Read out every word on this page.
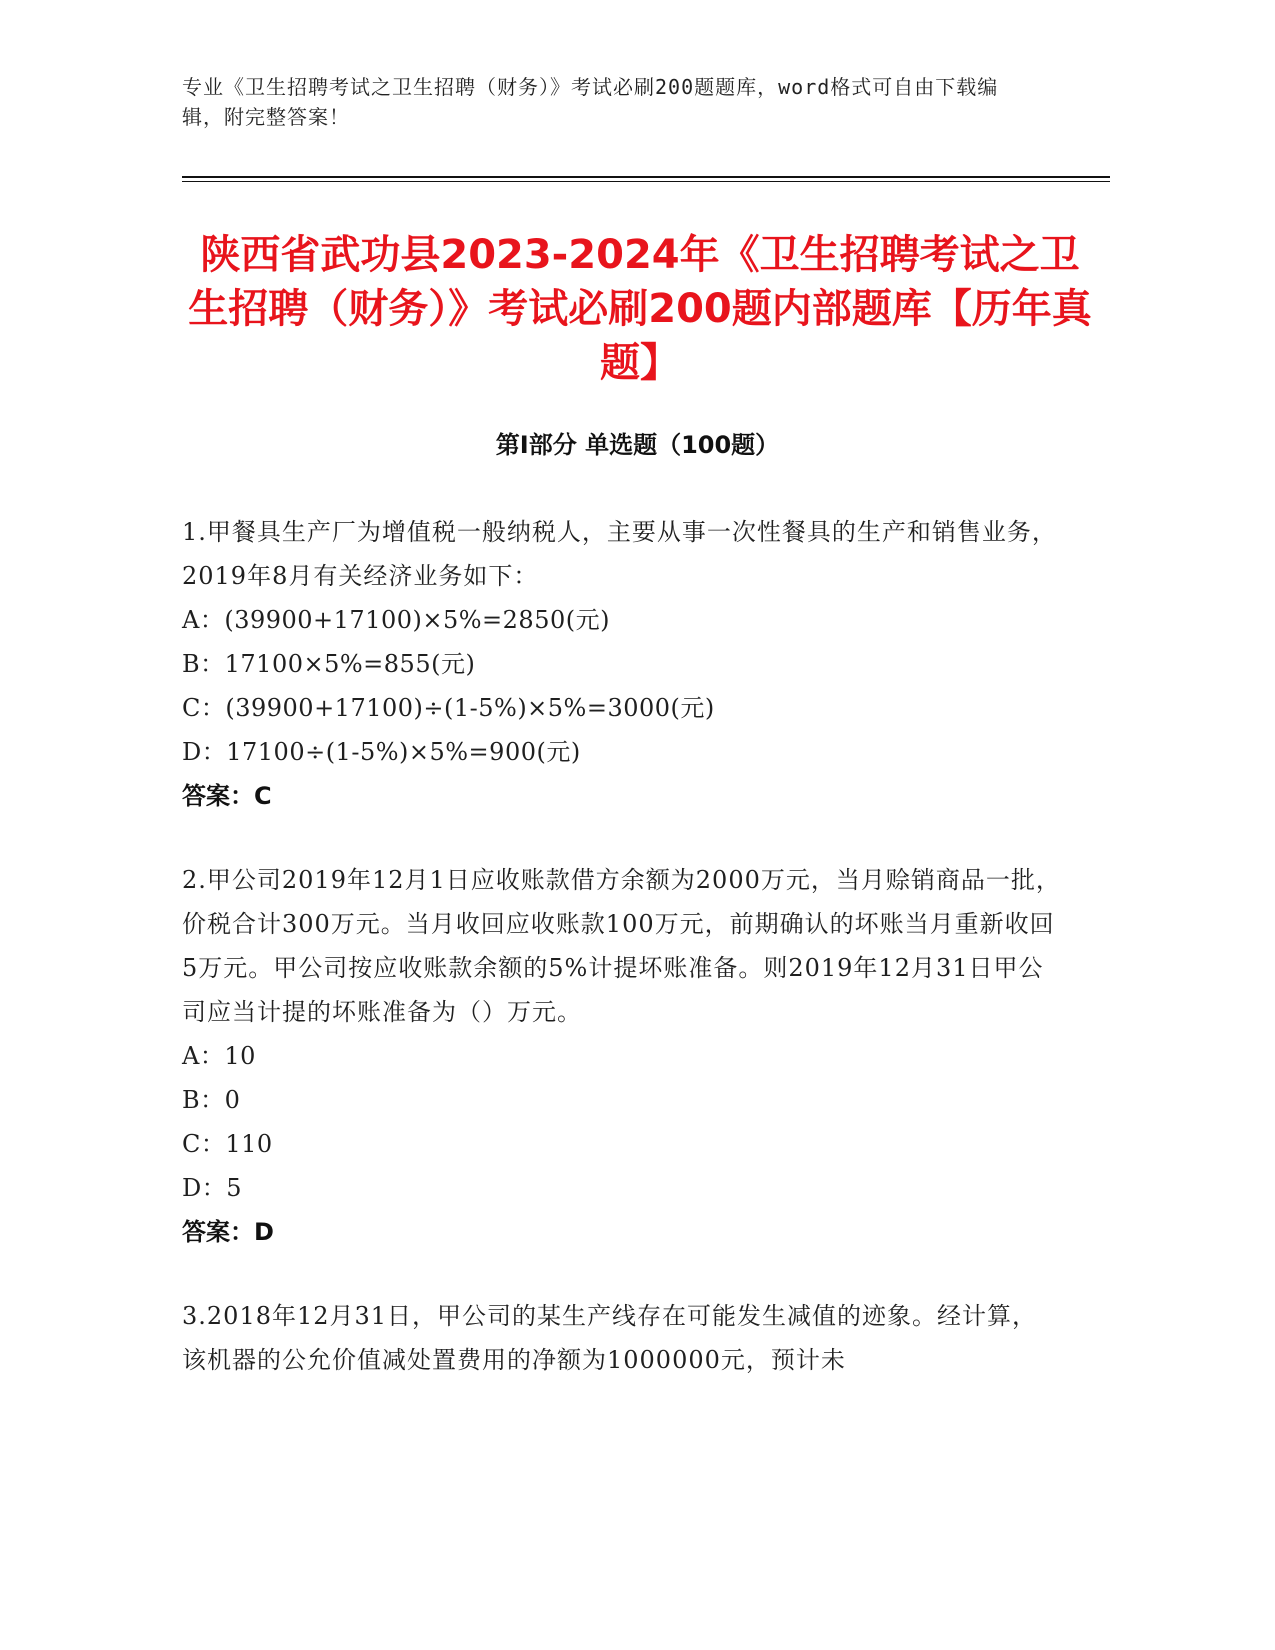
专业《卫生招聘考试之卫生招聘（财务）》考试必刷200题题库，word格式可自由下载编辑，附完整答案！
陕西省武功县2023-2024年《卫生招聘考试之卫生招聘（财务）》考试必刷200题内部题库【历年真题】
第Ⅰ部分 单选题（100题）
1.甲餐具生产厂为增值税一般纳税人，主要从事一次性餐具的生产和销售业务，2019年8月有关经济业务如下：
A：(39900+17100)×5%=2850(元)
B：17100×5%=855(元)
C：(39900+17100)÷(1-5%)×5%=3000(元)
D：17100÷(1-5%)×5%=900(元)
答案：C
2.甲公司2019年12月1日应收账款借方余额为2000万元，当月赊销商品一批，价税合计300万元。当月收回应收账款100万元，前期确认的坏账当月重新收回5万元。甲公司按应收账款余额的5%计提坏账准备。则2019年12月31日甲公司应当计提的坏账准备为（）万元。
A：10
B：0
C：110
D：5
答案：D
3.2018年12月31日，甲公司的某生产线存在可能发生减值的迹象。经计算，该机器的公允价值减处置费用的净额为1000000元，预计未
